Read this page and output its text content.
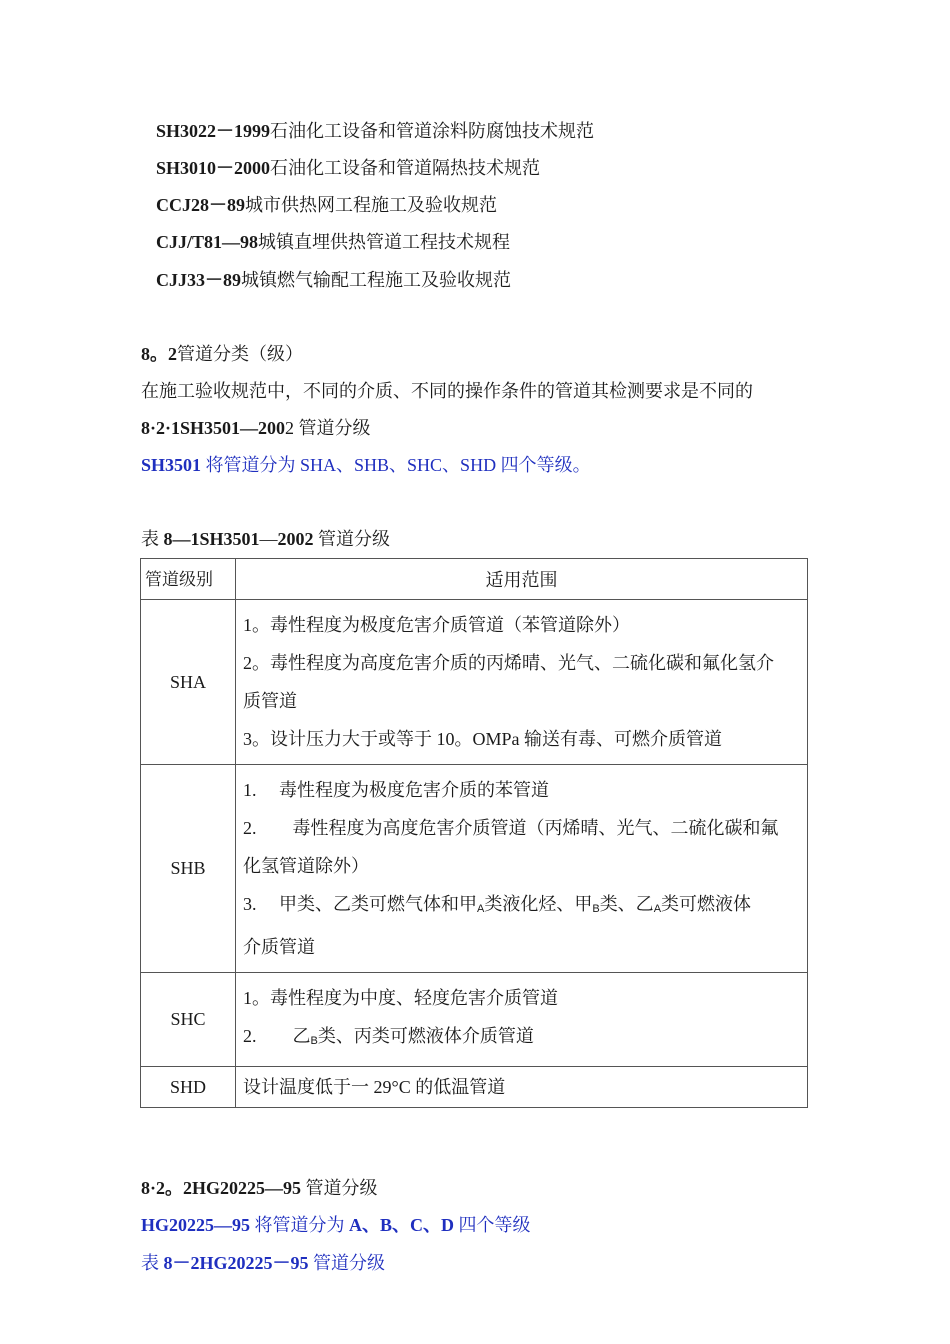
SH3022－1999石油化工设备和管道涂料防腐蚀技术规范
SH3010－2000石油化工设备和管道隔热技术规范
CCJ28－89城市供热网工程施工及验收规范
CJJ/T81—98城镇直埋供热管道工程技术规程
CJJ33－89城镇燃气输配工程施工及验收规范
8。2管道分类（级）
在施工验收规范中，不同的介质、不同的操作条件的管道其检测要求是不同的
8·2·1SH3501—2002 管道分级
SH3501 将管道分为 SHA、SHB、SHC、SHD 四个等级。
表 8—1SH3501—2002 管道分级
管道级别	适用范围
SHA	1。毒性程度为极度危害介质管道（苯管道除外）
2。毒性程度为高度危害介质的丙烯晴、光气、二硫化碳和氟化氢介
质管道
3。设计压力大于或等于 10。OMPa 输送有毒、可燃介质管道

SHB	1.　 毒性程度为极度危害介质的苯管道
2.　　毒性程度为高度危害介质管道（丙烯晴、光气、二硫化碳和氟
化氢管道除外）
3.　 甲类、乙类可燃气体和甲A类液化烃、甲B类、乙A类可燃液体
介质管道

SHC	1。毒性程度为中度、轻度危害介质管道
2.　　乙B类、丙类可燃液体介质管道

SHD	设计温度低于一 29°C 的低温管道
8·2。2HG20225—95 管道分级
HG20225—95 将管道分为 A、B、C、D 四个等级
表 8－2HG20225－95 管道分级
